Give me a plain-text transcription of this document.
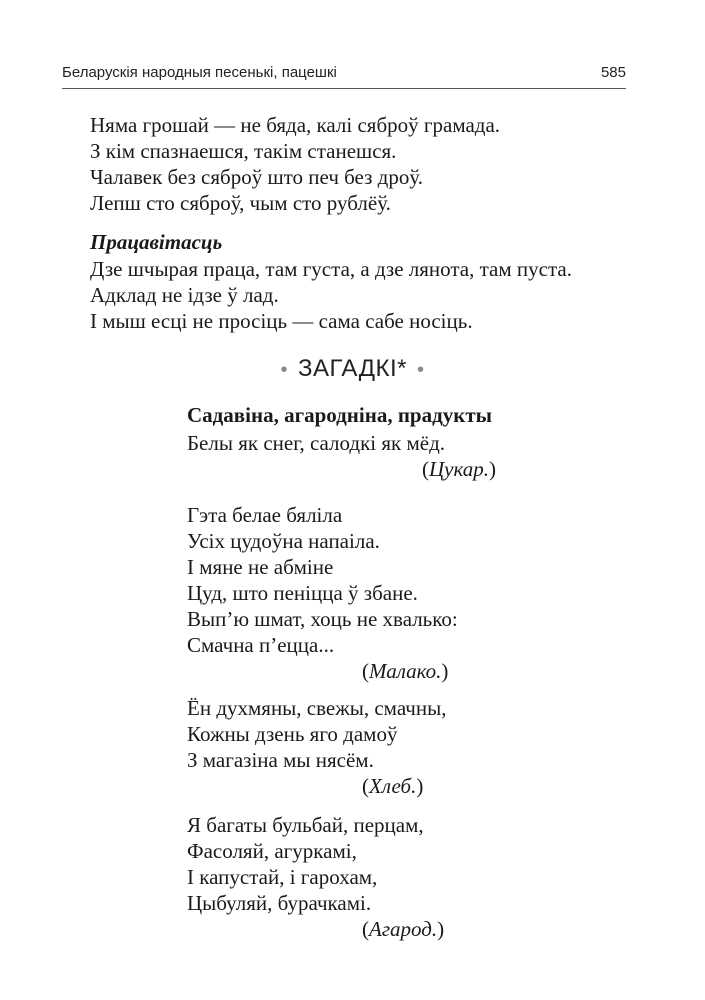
Беларускія народныя песенькі, пацешкі	585
Няма грошай — не бяда, калі сяброў грамада.
З кім спазнаешся, такім станешся.
Чалавек без сяброў што печ без дроў.
Лепш сто сяброў, чым сто рублёў.
Працавітасць
Дзе шчырая праца, там густа, а дзе лянота, там пуста.
Адклад не ідзе ў лад.
І мыш есці не просіць — сама сабе носіць.
• ЗАГАДКІ* •
Садавіна, агародніна, прадукты
Белы як снег, салодкі як мёд.
(Цукар.)
Гэта белае бяліла
Усіх цудоўна напаіла.
І мяне не абміне
Цуд, што пеніцца ў збане.
Вып’ю шмат, хоць не хвалько:
Смачна п’ецца...
(Малако.)
Ён духмяны, свежы, смачны,
Кожны дзень яго дамоў
З магазіна мы нясём.
(Хлеб.)
Я багаты бульбай, перцам,
Фасоляй, агуркамі,
І капустай, і гарохам,
Цыбуляй, бурачкамі.
(Агарод.)
